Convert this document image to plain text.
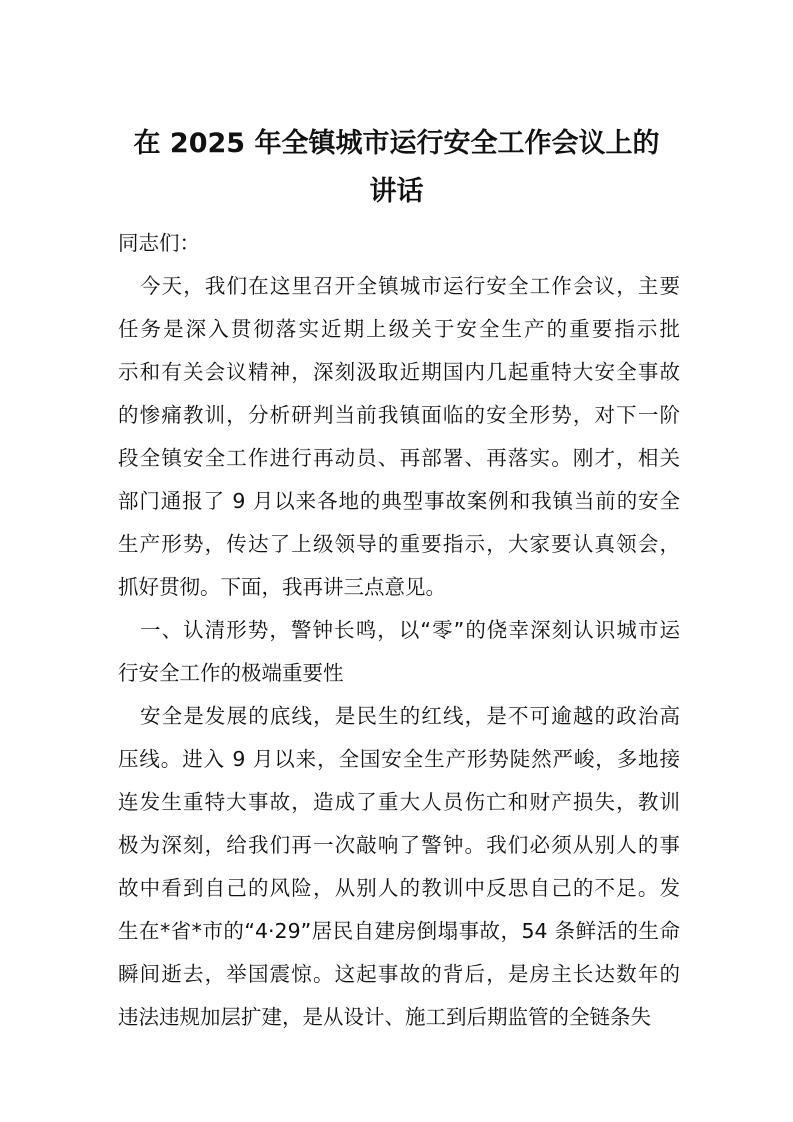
在 2025 年全镇城市运行安全工作会议上的
讲话
同志们：
今天，我们在这里召开全镇城市运行安全工作会议，主要
任务是深入贯彻落实近期上级关于安全生产的重要指示批
示和有关会议精神，深刻汲取近期国内几起重特大安全事故
的惨痛教训，分析研判当前我镇面临的安全形势，对下一阶
段全镇安全工作进行再动员、再部署、再落实。刚才，相关
部门通报了 9 月以来各地的典型事故案例和我镇当前的安全
生产形势，传达了上级领导的重要指示，大家要认真领会，
抓好贯彻。下面，我再讲三点意见。
一、认清形势，警钟长鸣，以“零”的侥幸深刻认识城市运
行安全工作的极端重要性
安全是发展的底线，是民生的红线，是不可逾越的政治高
压线。进入 9 月以来，全国安全生产形势陡然严峻，多地接
连发生重特大事故，造成了重大人员伤亡和财产损失，教训
极为深刻，给我们再一次敲响了警钟。我们必须从别人的事
故中看到自己的风险，从别人的教训中反思自己的不足。发
生在*省*市的“4·29”居民自建房倒塌事故，54 条鲜活的生命
瞬间逝去，举国震惊。这起事故的背后，是房主长达数年的
违法违规加层扩建，是从设计、施工到后期监管的全链条失
